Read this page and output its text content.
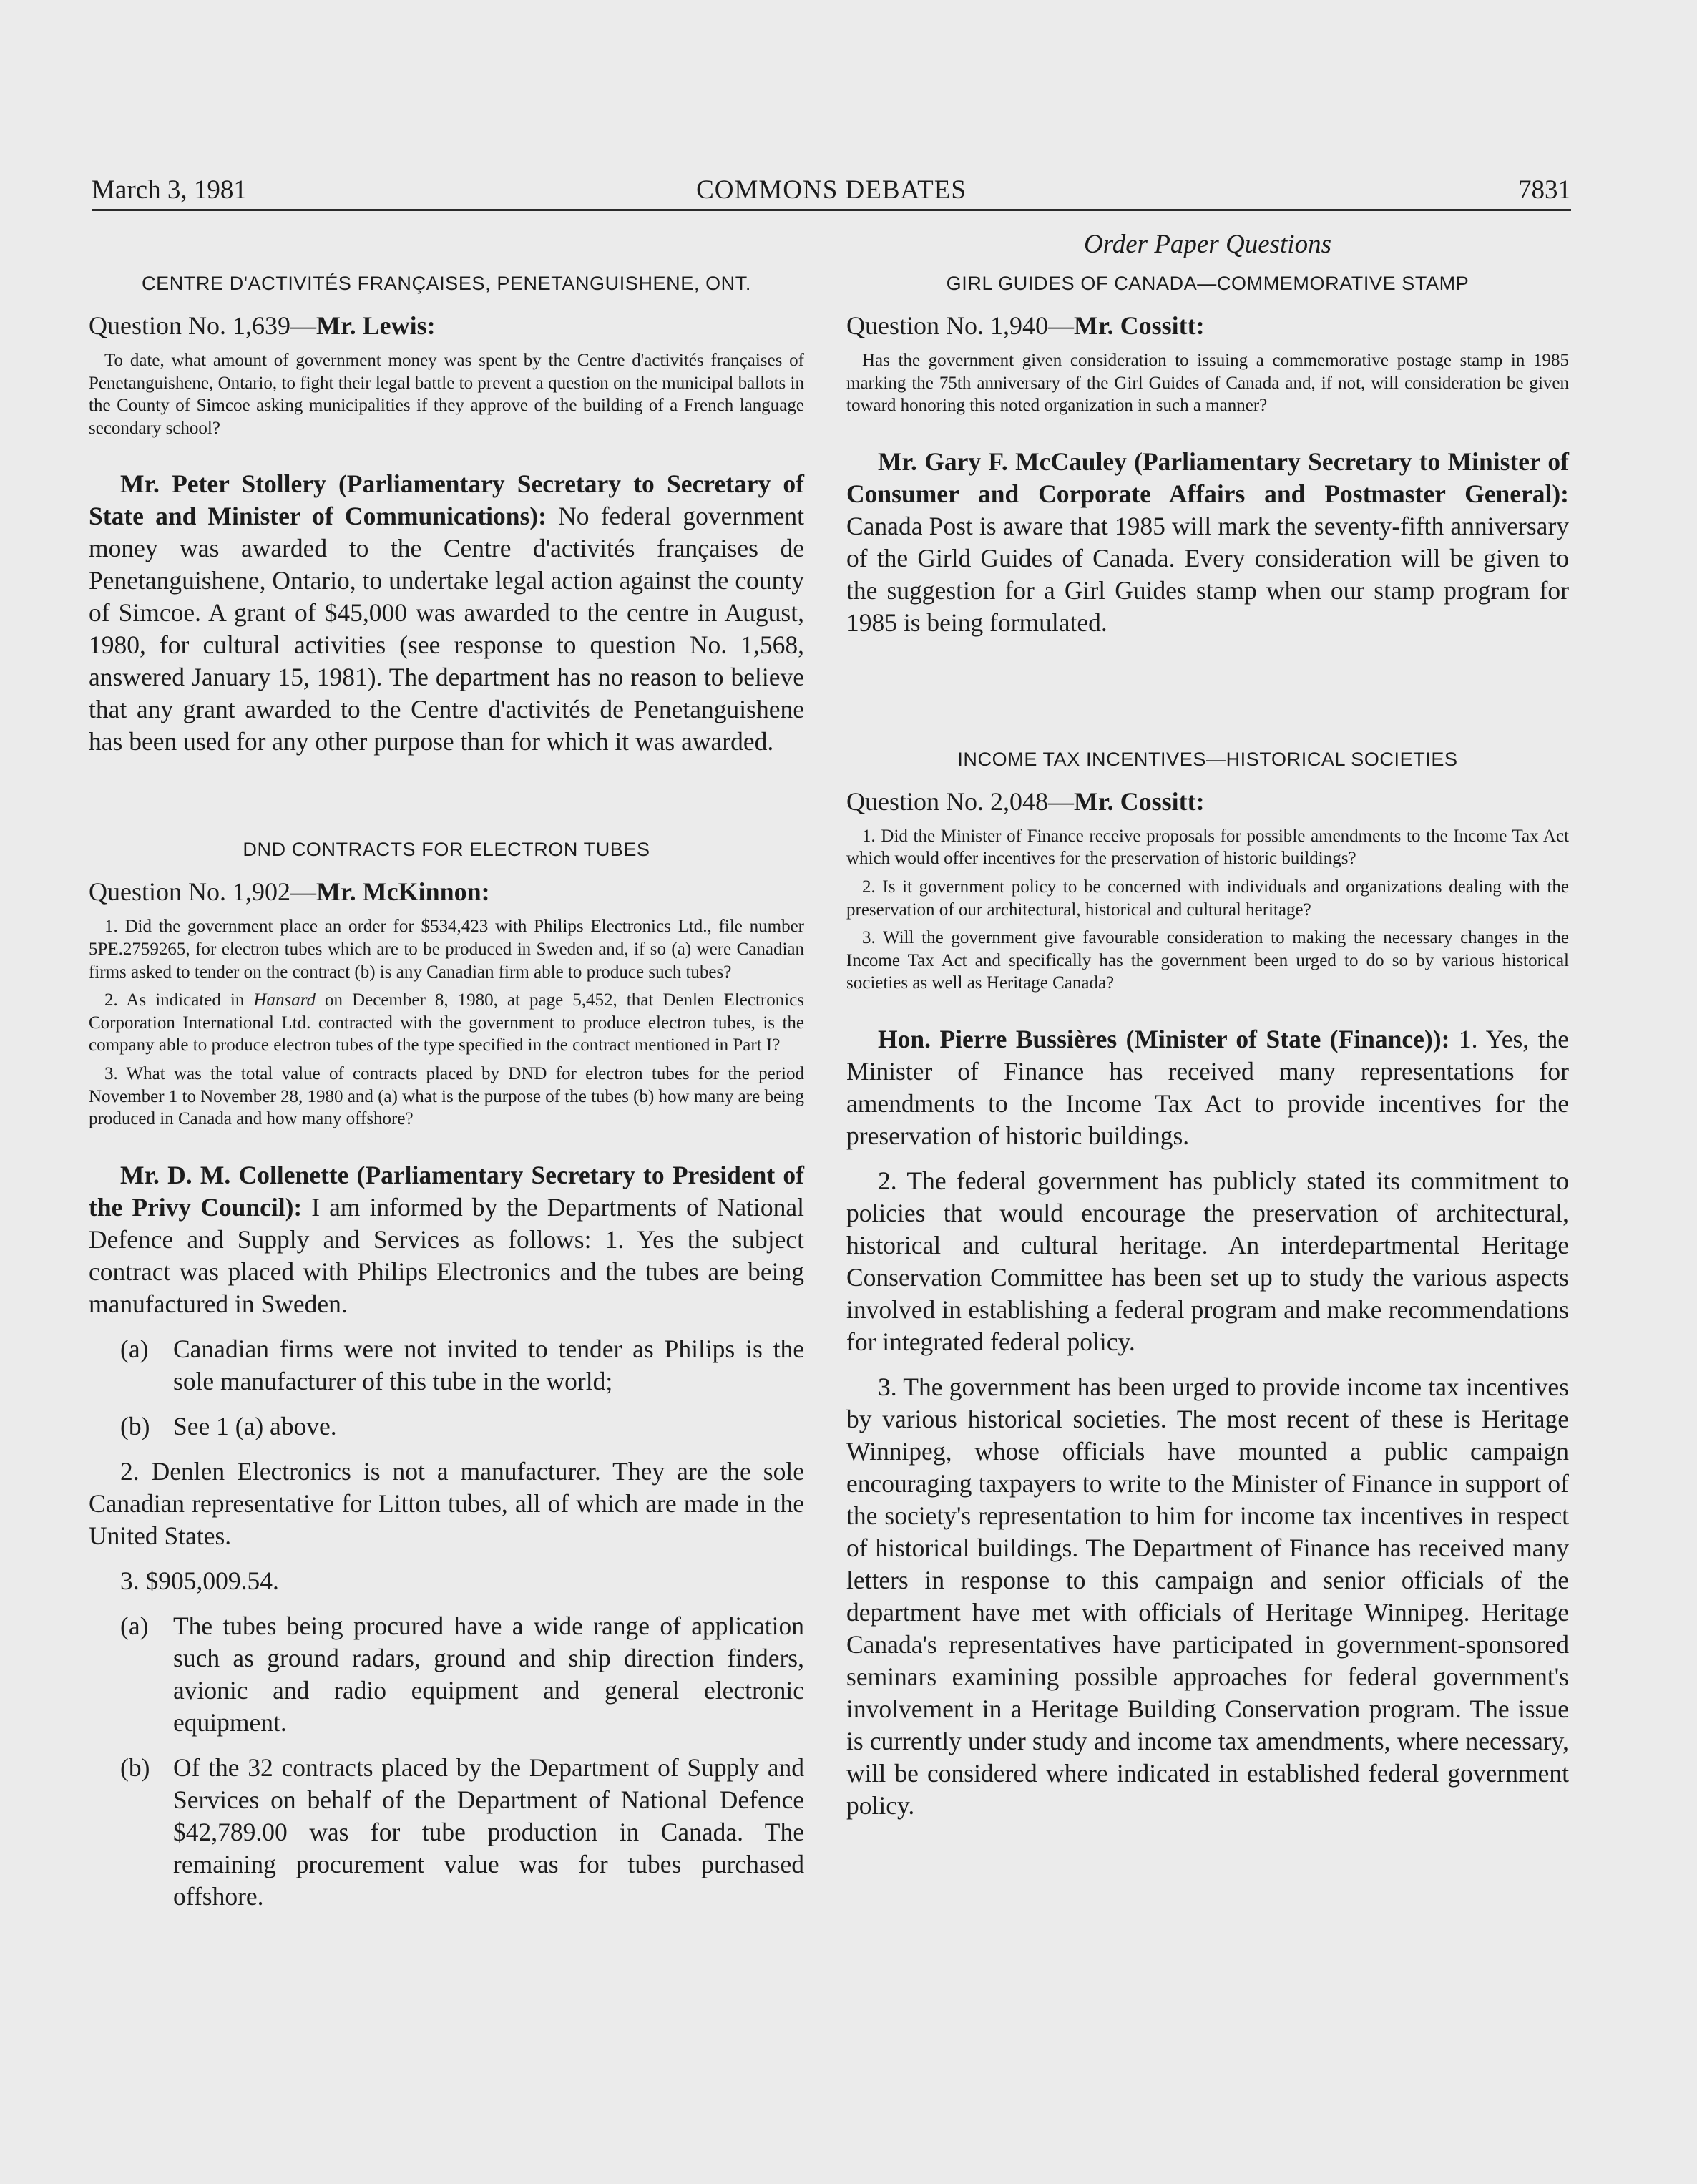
March 3, 1981	COMMONS DEBATES	7831
CENTRE D'ACTIVITÉS FRANÇAISES, PENETANGUISHENE, ONT.
Question No. 1,639—Mr. Lewis:

To date, what amount of government money was spent by the Centre d'activités françaises of Penetanguishene, Ontario, to fight their legal battle to prevent a question on the municipal ballots in the County of Simcoe asking municipalities if they approve of the building of a French language secondary school?

Mr. Peter Stollery (Parliamentary Secretary to Secretary of State and Minister of Communications): No federal government money was awarded to the Centre d'activités françaises de Penetanguishene, Ontario, to undertake legal action against the county of Simcoe. A grant of $45,000 was awarded to the centre in August, 1980, for cultural activities (see response to question No. 1,568, answered January 15, 1981). The department has no reason to believe that any grant awarded to the Centre d'activités de Penetanguishene has been used for any other purpose than for which it was awarded.

DND CONTRACTS FOR ELECTRON TUBES
Question No. 1,902—Mr. McKinnon:

1. Did the government place an order for $534,423 with Philips Electronics Ltd., file number 5PE.2759265, for electron tubes which are to be produced in Sweden and, if so (a) were Canadian firms asked to tender on the contract (b) is any Canadian firm able to produce such tubes?

2. As indicated in Hansard on December 8, 1980, at page 5,452, that Denlen Electronics Corporation International Ltd. contracted with the government to produce electron tubes, is the company able to produce electron tubes of the type specified in the contract mentioned in Part I?

3. What was the total value of contracts placed by DND for electron tubes for the period November 1 to November 28, 1980 and (a) what is the purpose of the tubes (b) how many are being produced in Canada and how many offshore?

Mr. D. M. Collenette (Parliamentary Secretary to President of the Privy Council): I am informed by the Departments of National Defence and Supply and Services as follows: 1. Yes the subject contract was placed with Philips Electronics and the tubes are being manufactured in Sweden.

(a) Canadian firms were not invited to tender as Philips is the sole manufacturer of this tube in the world;
(b) See 1 (a) above.

2. Denlen Electronics is not a manufacturer. They are the sole Canadian representative for Litton tubes, all of which are made in the United States.

3. $905,009.54.

(a) The tubes being procured have a wide range of application such as ground radars, ground and ship direction finders, avionic and radio equipment and general electronic equipment.
(b) Of the 32 contracts placed by the Department of Supply and Services on behalf of the Department of National Defence $42,789.00 was for tube production in Canada. The remaining procurement value was for tubes purchased offshore.
Order Paper Questions
GIRL GUIDES OF CANADA—COMMEMORATIVE STAMP
Question No. 1,940—Mr. Cossitt:

Has the government given consideration to issuing a commemorative postage stamp in 1985 marking the 75th anniversary of the Girl Guides of Canada and, if not, will consideration be given toward honoring this noted organization in such a manner?

Mr. Gary F. McCauley (Parliamentary Secretary to Minister of Consumer and Corporate Affairs and Postmaster General): Canada Post is aware that 1985 will mark the seventy-fifth anniversary of the Girld Guides of Canada. Every consideration will be given to the suggestion for a Girl Guides stamp when our stamp program for 1985 is being formulated.

INCOME TAX INCENTIVES—HISTORICAL SOCIETIES
Question No. 2,048—Mr. Cossitt:

1. Did the Minister of Finance receive proposals for possible amendments to the Income Tax Act which would offer incentives for the preservation of historic buildings?

2. Is it government policy to be concerned with individuals and organizations dealing with the preservation of our architectural, historical and cultural heritage?

3. Will the government give favourable consideration to making the necessary changes in the Income Tax Act and specifically has the government been urged to do so by various historical societies as well as Heritage Canada?

Hon. Pierre Bussières (Minister of State (Finance)): 1. Yes, the Minister of Finance has received many representations for amendments to the Income Tax Act to provide incentives for the preservation of historic buildings.

2. The federal government has publicly stated its commitment to policies that would encourage the preservation of architectural, historical and cultural heritage. An interdepartmental Heritage Conservation Committee has been set up to study the various aspects involved in establishing a federal program and make recommendations for integrated federal policy.

3. The government has been urged to provide income tax incentives by various historical societies. The most recent of these is Heritage Winnipeg, whose officials have mounted a public campaign encouraging taxpayers to write to the Minister of Finance in support of the society's representation to him for income tax incentives in respect of historical buildings. The Department of Finance has received many letters in response to this campaign and senior officials of the department have met with officials of Heritage Winnipeg. Heritage Canada's representatives have participated in government-sponsored seminars examining possible approaches for federal government's involvement in a Heritage Building Conservation program. The issue is currently under study and income tax amendments, where necessary, will be considered where indicated in established federal government policy.
